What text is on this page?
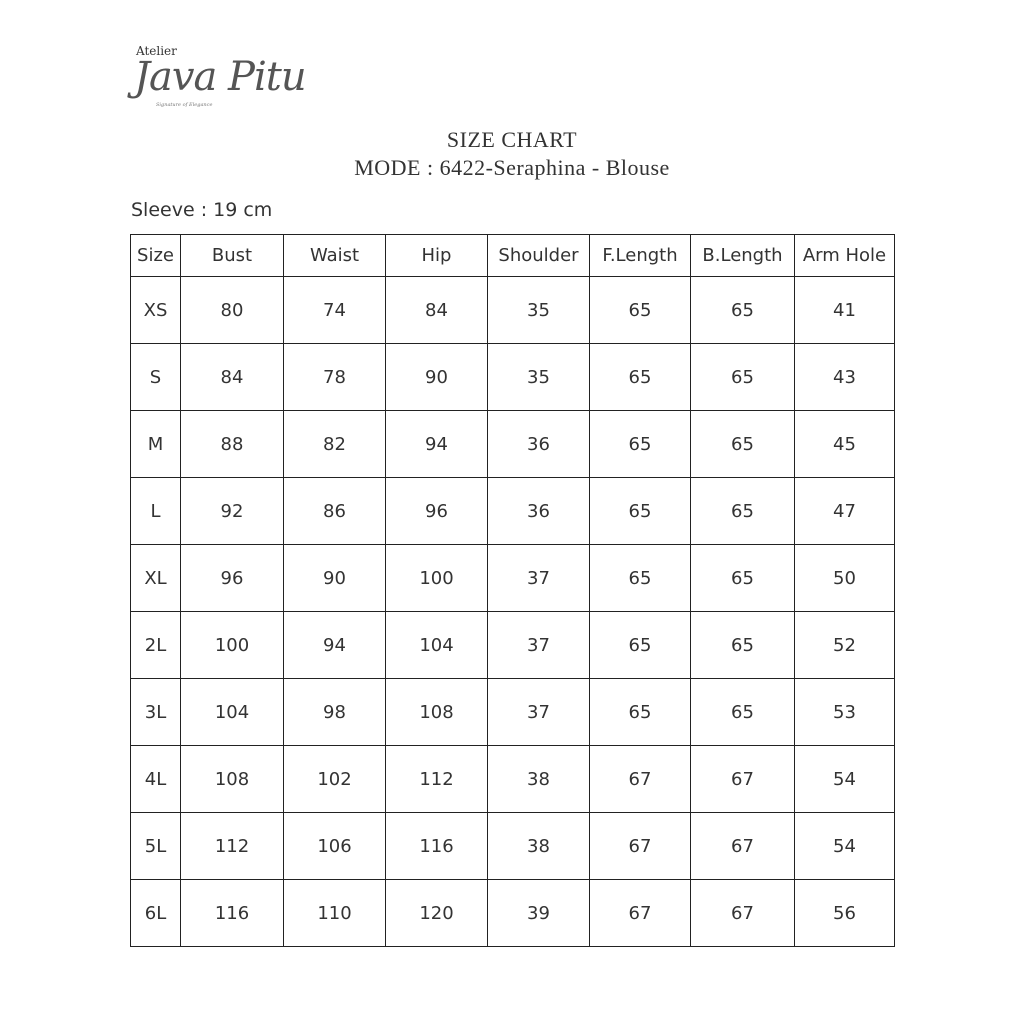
Atelier
Java Pitu
Signature of Elegance
SIZE CHART
MODE : 6422-Seraphina - Blouse
Sleeve : 19 cm
Size	Bust	Waist	Hip	Shoulder	F.Length	B.Length	Arm Hole
XS	80	74	84	35	65	65	41
S	84	78	90	35	65	65	43
M	88	82	94	36	65	65	45
L	92	86	96	36	65	65	47
XL	96	90	100	37	65	65	50
2L	100	94	104	37	65	65	52
3L	104	98	108	37	65	65	53
4L	108	102	112	38	67	67	54
5L	112	106	116	38	67	67	54
6L	116	110	120	39	67	67	56
